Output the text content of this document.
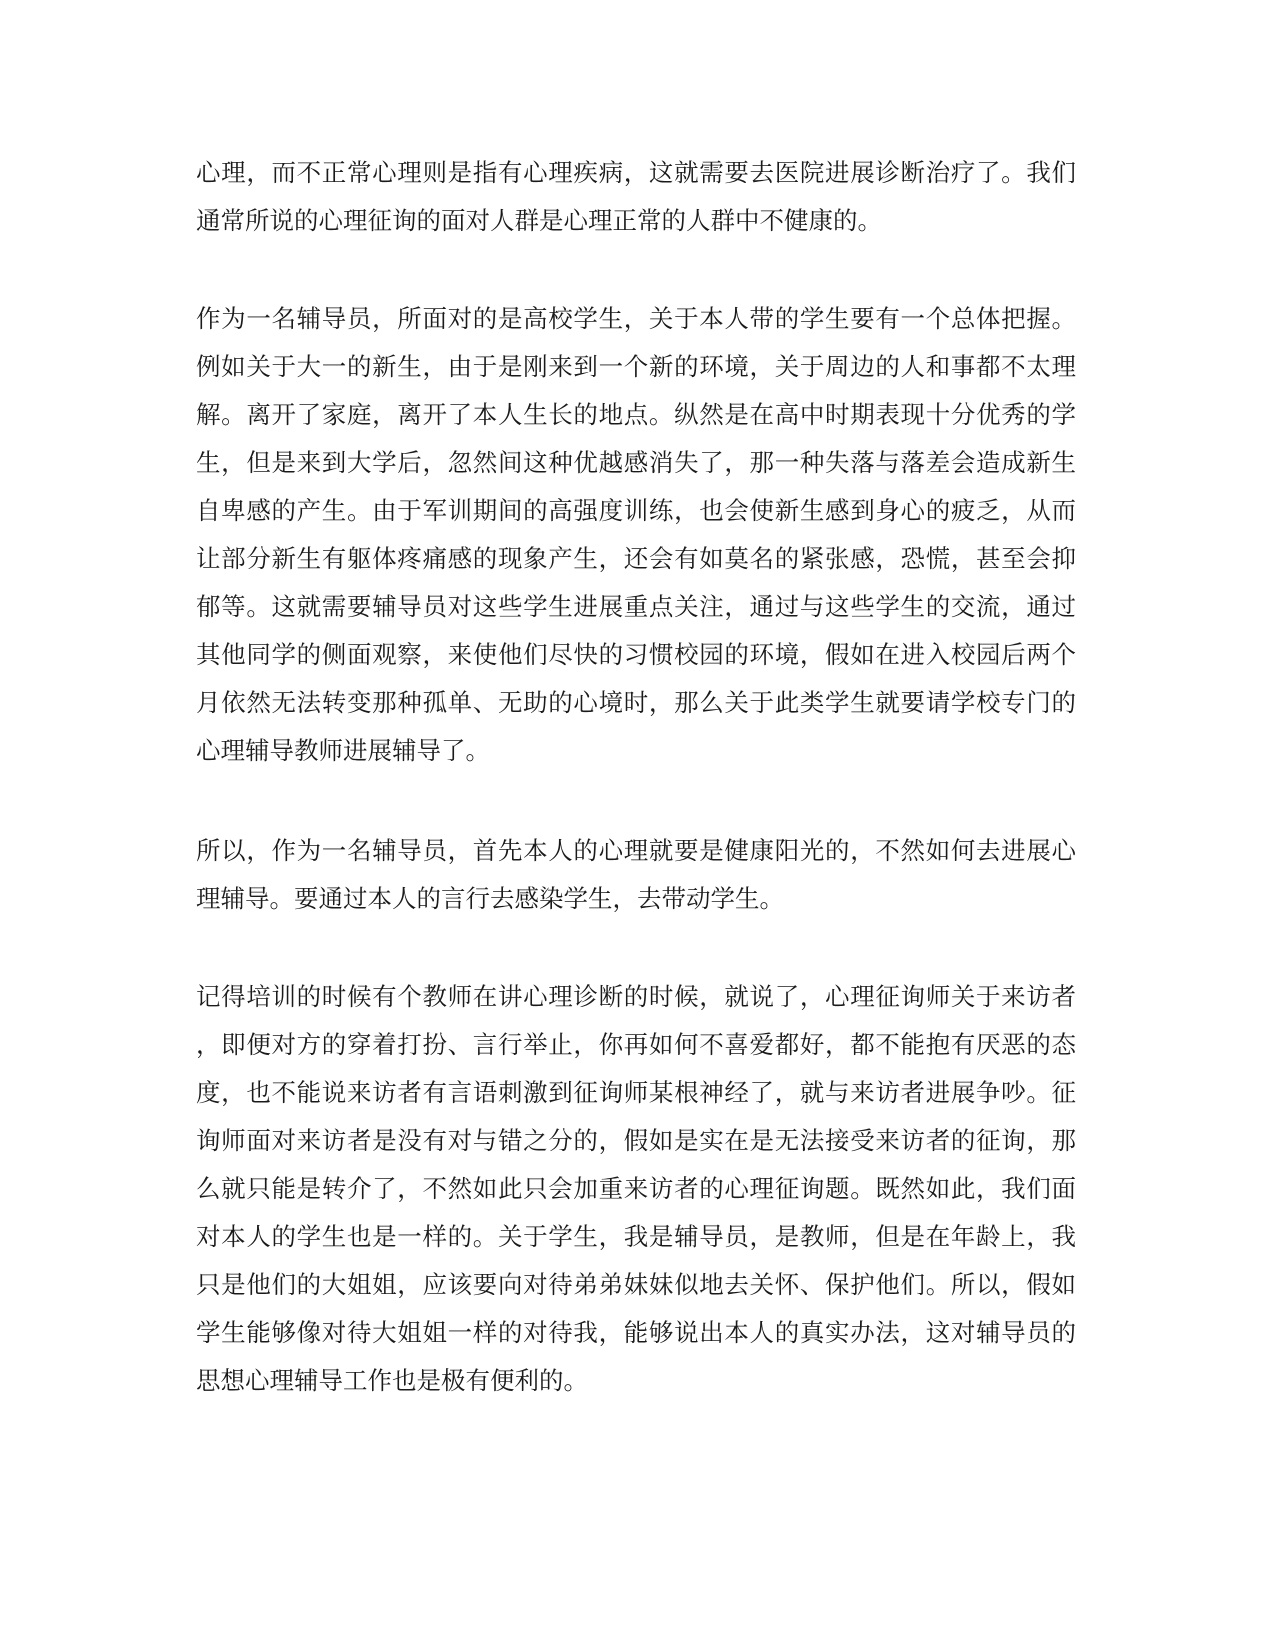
心理，而不正常心理则是指有心理疾病，这就需要去医院进展诊断治疗了。我们
通常所说的心理征询的面对人群是心理正常的人群中不健康的。
作为一名辅导员，所面对的是高校学生，关于本人带的学生要有一个总体把握。
例如关于大一的新生，由于是刚来到一个新的环境，关于周边的人和事都不太理
解。离开了家庭，离开了本人生长的地点。纵然是在高中时期表现十分优秀的学
生，但是来到大学后，忽然间这种优越感消失了，那一种失落与落差会造成新生
自卑感的产生。由于军训期间的高强度训练，也会使新生感到身心的疲乏，从而
让部分新生有躯体疼痛感的现象产生，还会有如莫名的紧张感，恐慌，甚至会抑
郁等。这就需要辅导员对这些学生进展重点关注，通过与这些学生的交流，通过
其他同学的侧面观察，来使他们尽快的习惯校园的环境，假如在进入校园后两个
月依然无法转变那种孤单、无助的心境时，那么关于此类学生就要请学校专门的
心理辅导教师进展辅导了。
所以，作为一名辅导员，首先本人的心理就要是健康阳光的，不然如何去进展心
理辅导。要通过本人的言行去感染学生，去带动学生。
记得培训的时候有个教师在讲心理诊断的时候，就说了，心理征询师关于来访者
，即便对方的穿着打扮、言行举止，你再如何不喜爱都好，都不能抱有厌恶的态
度，也不能说来访者有言语刺激到征询师某根神经了，就与来访者进展争吵。征
询师面对来访者是没有对与错之分的，假如是实在是无法接受来访者的征询，那
么就只能是转介了，不然如此只会加重来访者的心理征询题。既然如此，我们面
对本人的学生也是一样的。关于学生，我是辅导员，是教师，但是在年龄上，我
只是他们的大姐姐，应该要向对待弟弟妹妹似地去关怀、保护他们。所以，假如
学生能够像对待大姐姐一样的对待我，能够说出本人的真实办法，这对辅导员的
思想心理辅导工作也是极有便利的。
